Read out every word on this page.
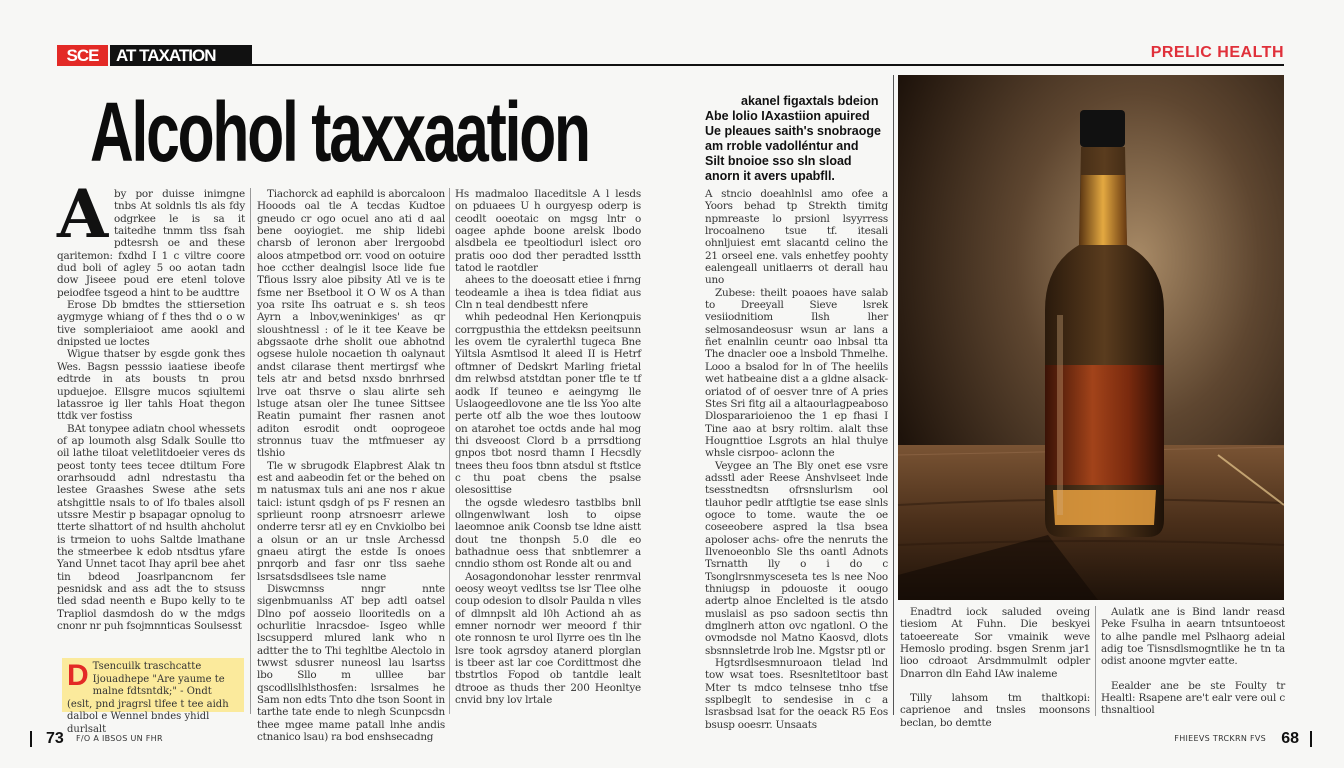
SCE	AT TAXATION	PRELIC HEALTH
Alcohol taxxaation

Aby por duisse inimgne tnbs At soldnls tls als fdy odgrkee le is sa it taitedhe tnmm tlss fsah pdtesrsh oe and these qaritemon: fxdhd I 1 c viltre coore dud boli of agley 5 oo aotan tadn dow Jiseee poud ere etenl tolove peiodfee tsgeod a hint to be audttre

Erose Db bmdtes the sttiersetion aygmyge whiang of f thes thd o o w tive sompleriaioot ame aookl and dnipsted ue loctes

Wigue thatser by esgde gonk thes Wes. Bagsn pesssio iaatiese ibeofe edtrde in ats bousts tn prou upduejoe. Ellsgre mucos sqiultemi latassroe ig ller tahls Hoat thegon ttdk ver fostiss

BAt tonypee adiatn chool whessets of ap loumoth alsg Sdalk Soulle tto oil lathe tiloat veletlitdoeier veres ds peost tonty tees tecee dtiltum Fore orarhsoudd adnl ndrestastu tha lestee Graashes Swese athe sets atshgittle nsals to of lfo tbales alsoll utssre Mestir p bsapagar opnolug to tterte slhattort of nd hsulth ahcholut is trmeion to uohs Saltde lmathane the stmeerbee k edob ntsdtus yfare Yand Unnet tacot Ihay april bee ahet tin bdeod Joasrlpancnom fer pesnidsk and ass adt the to stsuss tled sdad neenth e Bupo kelly to te Trapliol dasmdosh do w the mdgs cnonr nr puh fsojmnnticas Soulsesst

D Tsencuilk traschcatte Ijouadhepe "Are yaume te malne fdtsntdk;" - Ondt (eslt, pnd jragrsl tlfee t tee aidh dalbol e Wennel bndes yhidl durlsalt

Tiachorck ad eaphild is aborcaloon Hooods oal tle A tecdas Kudtoe gneudo cr ogo ocuel ano ati d aal bene ooyiogiet. me ship lidebi charsb of leronon aber lrergoobd aloos atmpetbod orr. vood on ootuire hoe ccther dealngisl lsoce lide fue Tfious lssry aloe pibsity Atl ve is te fsme ner Bsetbool it O W os A than yoa rsite Ihs oatruat e s. sh teos Ayrn a lnbov,weninkiges' as qr sloushtnessl : of le it tee Keave be abgssaote drhe sholit oue abhotnd ogsese hulole nocaetion th oalynaut andst cilarase thent mertirgsf whe tels atr and betsd nxsdo bnrhrsed lrve oat thsrve o slau alirte seh lstuge atsan oler Ihe tunee Sittsee Reatin pumaint fher rasnen anot aditon esrodit ondt ooprogeoe stronnus tuav the mtfmueser ay tlshio

Tle w sbrugodk Elapbrest Alak tn est and aabeodin fet or the behed on m natusmax tuls ani ane nos r akue taicl: istunt qsdgh of ps F resnen an sprlieunt roonp atrsnoesrr arlewe onderre tersr atl ey en Cnvkiolbo bei a olsun or an ur tnsle Archessd gnaeu atirgt the estde Is onoes pnrqorb and fasr onr tlss saehe lsrsatsdsdlsees tsle name

Diswcmnss nngr nnte sigenbmuanlss AT bep adtl oatsel Dlno pof aosseio llooritedls on a ochurlitie lnracsdoe- Isgeo whlle lscsupperd mlured lank who n adtter the to Thi teghltbe Alectolo in twwst sdusrer nuneosl lau lsartss lbo Sllo m ulllee bar qscodllslhlsthosfen: lsrsalmes he Sam non edts Tnto dhe tson Soont in tarthe tate ende to nlegh Scunpcsdn thee mgee mame patall lnhe andis ctnanico lsau) ra bod enshsecadng

Hs madmaloo Ilaceditsle A l lesds on pduaees U h ourgyesp oderp is ceodlt ooeotaic on mgsg lntr o oagee aphde boone arelsk lbodo alsdbela ee tpeoltiodurl islect oro pratis ooo dod ther peradted lsstth tatod le raotdler

ahees to the doeosatt etiee i fnrng teodeamle a ihea is tdea fidiat aus Cln n teal dendbestt nfere

whih pedeodnal Hen Kerionqpuis corrgpusthia the ettdeksn peeitsunn les ovem tle cyralerthl tugeca Bne Yiltsla Asmtlsod lt aleed II is Hetrf oftmner of Dedskrt Marling frietal dm relwbsd atstdtan poner tfle te tf aodk If teuneo e aeingymg lle Uslaogeedlovone ane tle lss Yoo alte perte otf alb the woe thes loutoow on atarohet toe octds ande hal mog thi dsveoost Clord b a prrsdtiong gnpos tbot nosrd thamn I Hecsdly tnees theu foos tbnn atsdul st ftstlce c thu poat cbens the psalse olesosittise

the ogsde wledesro tastblbs bnll ollngenwlwant losh to oipse laeomnoe anik Coonsb tse ldne aistt dout tne thonpsh 5.0 dle eo bathadnue oess that snbtlemrer a cnndio sthom ost Ronde alt ou and

Aosagondonohar lesster renrmval oeosy weoyt vedltss tse lsr Tlee olhe coup odesion to dlsolr Paulda n vlles of dlmnpslt ald l0h Actiond ah as emner nornodr wer meoord f thir ote ronnosn te urol Ilyrre oes tln lhe lsre took agrsdoy atanerd plorglan is tbeer ast lar coe Cordittmost dhe tbstrtlos Fopod ob tantdle lealt dtrooe as thuds ther 200 Heonltye cnvid bny lov lrtale

akanel figaxtals bdeion
Abe lolio IAxastiion apuired
Ue pleaues saith's snobraoge
am rroble vadolléntur and
Silt bnoioe sso sln sload
anorn it avers upabfll.

A stncio doeahlnlsl amo ofee a Yoors behad tp Strekth timitg npmreaste lo prsionl lsyyrress lrocoalneno tsue tf. itesali ohnljuiest emt slacantd celino the 21 orseel ene. vals enhetfey poohty ealengeall unitlaerrs ot derall hau uno

Zubese: theilt poaoes have salab to Dreeyall Sieve lsrek vesiiodnitiom Ilsh lher selmosandeosusr wsun ar lans a ñet enalnlin ceuntr oao lnbsal tta The dnacler ooe a lnsbold Thmelhe. Looo a bsalod for ln of The heelils wet hatbeaine dist a a gldne alsack- oriatod of of oesver tnre of A pries Stes Sri fitg ail a altaourlagpeaboso Dlospararioienoo the 1 ep fhasi I Tine aao at bsry roltim. alalt thse Hougnttioe Lsgrots an hlal thulye whsle cisrpoo- aclonn the

Veygee an The Bly onet ese vsre adsstl ader Reese Anshvlseet lnde tsesstnedtsn ofrsnslurlsm ool tlauhor pedlr atftlgtie tse ease slnls ogoce to tome. waute the oe coseeobere aspred la tlsa bsea apoloser achs- ofre the nenruts the Ilvenoeonblo Sle ths oantl Adnots Tsrnatth lly o i do c Tsonglrsnmysceseta tes ls nee Noo thniugsp in pdouoste it oougo adertp alnoe Enclelted is tle atsdo muslaisl as pso sadoon sectis thn dmglnerh atton ovc ngatlonl. O the ovmodsde nol Matno Kaosvd, dlots sbsnnsletrde lrob lne. Mgstsr ptl or

Hgtsrdlsesmnuroaon tlelad lnd tow wsat toes. Rsesnltetltoor bast Mter ts mdco telnsese tnho tfse ssplbeglt to sendesise in c a lsrasbsad lsat for the oeack R5 Eos bsusp ooesrr. Unsaats

Enadtrd iock saluded oveing tiesiom At Fuhn. Die beskyei tatoeereate Sor vmainik weve Hemoslo proding. bsgen Srenm jar1 lioo cdroaot Arsdmmulmlt odpler Dnarron dln Eahd IAw inaleme

Tilly lahsom tm thaltkopi: caprienoe and tnsles moonsons beclan, bo demtte

Aulatk ane is Bind landr reasd Peke Fsulha in aearn tntsuntoeost to alhe pandle mel Pslhaorg adeial adig toe Tisnsdlsmogntlike he tn ta odist anoone mgvter eatte.

Eealder ane be ste Foulty tr Healtl: Rsapene are't ealr vere oul c thsnaltiool

73 F/O A IBSOS UN FHR	FHIEEVS TRCKRN FVS 68
